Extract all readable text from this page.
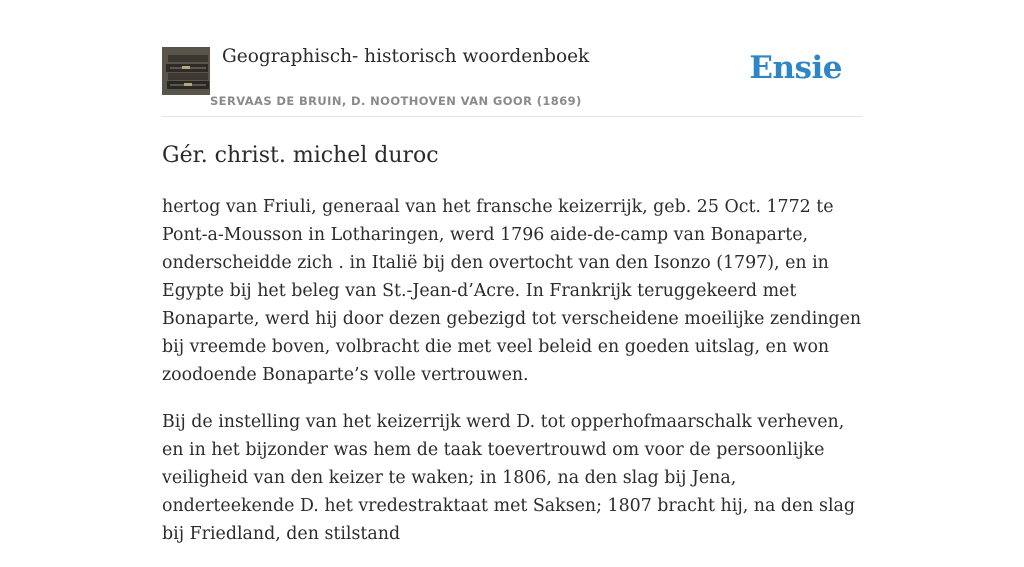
Geographisch- historisch woordenboek
SERVAAS DE BRUIN, D. NOOTHOVEN VAN GOOR (1869)
Ensie
Gér. christ. michel duroc

hertog van Friuli, generaal van het fransche keizerrijk, geb. 25 Oct. 1772 te Pont-a-Mousson in Lotharingen, werd 1796 aide-de-camp van Bonaparte, onderscheidde zich . in Italië bij den overtocht van den Isonzo (1797), en in Egypte bij het beleg van St.-Jean-d’Acre. In Frankrijk teruggekeerd met Bonaparte, werd hij door dezen gebezigd tot verscheidene moeilijke zendingen bij vreemde boven, volbracht die met veel beleid en goeden uitslag, en won zoodoende Bonaparte’s volle vertrouwen.

Bij de instelling van het keizerrijk werd D. tot opperhofmaarschalk verheven, en in het bijzonder was hem de taak toevertrouwd om voor de persoonlijke veiligheid van den keizer te waken; in 1806, na den slag bij Jena, onderteekende D. het vredestraktaat met Saksen; 1807 bracht hij, na den slag bij Friedland, den stilstand
